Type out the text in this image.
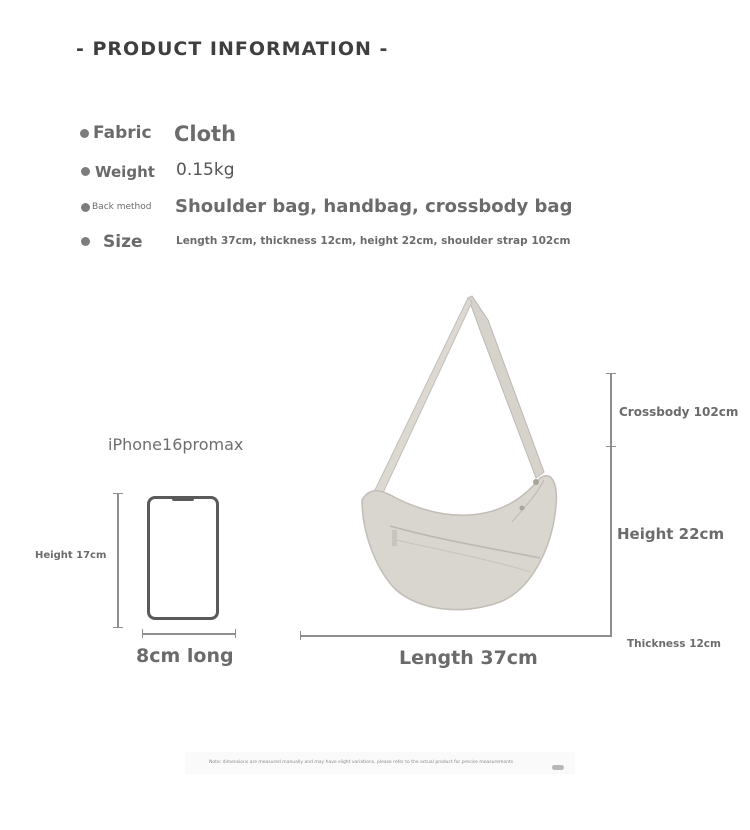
- PRODUCT INFORMATION -
Fabric Cloth
Weight 0.15kg
Back method Shoulder bag, handbag, crossbody bag
Size	Length 37cm, thickness 12cm, height 22cm, shoulder strap 102cm
iPhone16promax
Height 17cm
8cm long
Crossbody 102cm
Height 22cm
Thickness 12cm
Length 37cm
Note: dimensions are measured manually and may have slight variations, please refer to the actual product for precise measurements
